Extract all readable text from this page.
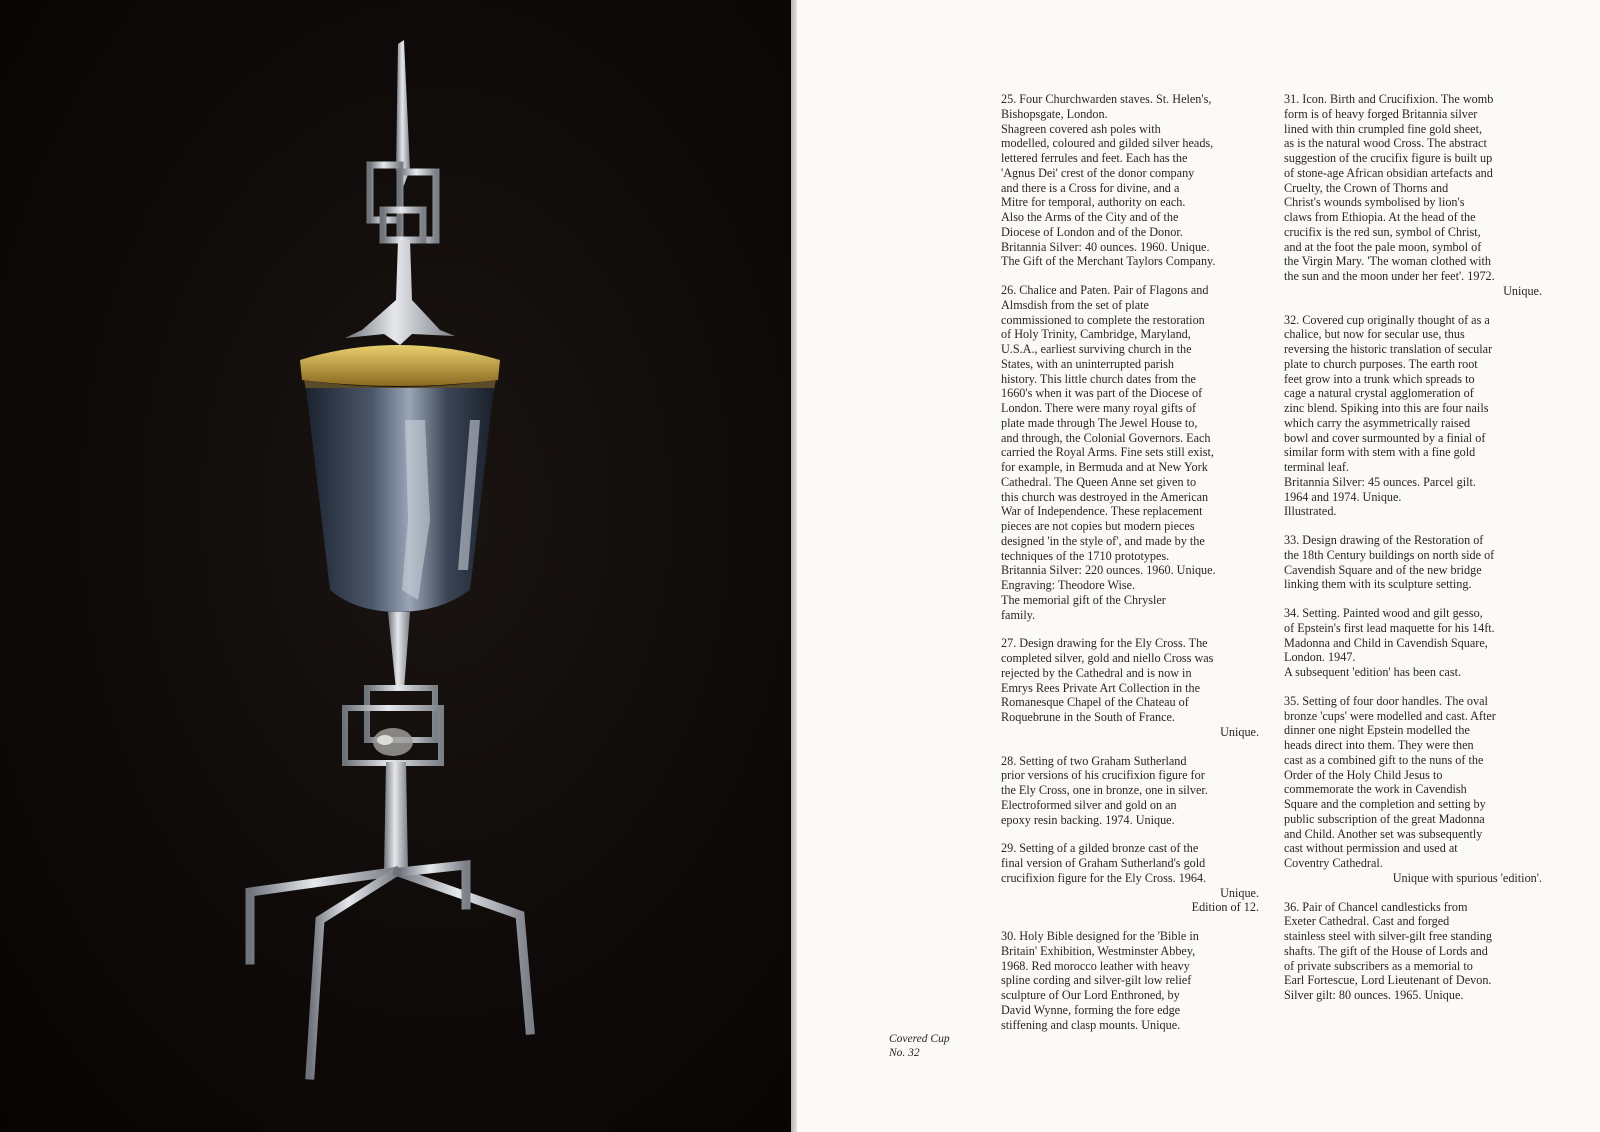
Covered Cup
No. 32

25. Four Churchwarden staves. St. Helen's,
Bishopsgate, London.
Shagreen covered ash poles with
modelled, coloured and gilded silver heads,
lettered ferrules and feet. Each has the
'Agnus Dei' crest of the donor company
and there is a Cross for divine, and a
Mitre for temporal, authority on each.
Also the Arms of the City and of the
Diocese of London and of the Donor.
Britannia Silver: 40 ounces. 1960. Unique.
The Gift of the Merchant Taylors Company.

26. Chalice and Paten. Pair of Flagons and
Almsdish from the set of plate
commissioned to complete the restoration
of Holy Trinity, Cambridge, Maryland,
U.S.A., earliest surviving church in the
States, with an uninterrupted parish
history. This little church dates from the
1660's when it was part of the Diocese of
London. There were many royal gifts of
plate made through The Jewel House to,
and through, the Colonial Governors. Each
carried the Royal Arms. Fine sets still exist,
for example, in Bermuda and at New York
Cathedral. The Queen Anne set given to
this church was destroyed in the American
War of Independence. These replacement
pieces are not copies but modern pieces
designed 'in the style of', and made by the
techniques of the 1710 prototypes.
Britannia Silver: 220 ounces. 1960. Unique.
Engraving: Theodore Wise.
The memorial gift of the Chrysler
family.

27. Design drawing for the Ely Cross. The
completed silver, gold and niello Cross was
rejected by the Cathedral and is now in
Emrys Rees Private Art Collection in the
Romanesque Chapel of the Chateau of
Roquebrune in the South of France.
Unique.

28. Setting of two Graham Sutherland
prior versions of his crucifixion figure for
the Ely Cross, one in bronze, one in silver.
Electroformed silver and gold on an
epoxy resin backing. 1974. Unique.

29. Setting of a gilded bronze cast of the
final version of Graham Sutherland's gold
crucifixion figure for the Ely Cross. 1964.
Unique.
Edition of 12.

30. Holy Bible designed for the 'Bible in
Britain' Exhibition, Westminster Abbey,
1968. Red morocco leather with heavy
spline cording and silver-gilt low relief
sculpture of Our Lord Enthroned, by
David Wynne, forming the fore edge
stiffening and clasp mounts. Unique.

31. Icon. Birth and Crucifixion. The womb
form is of heavy forged Britannia silver
lined with thin crumpled fine gold sheet,
as is the natural wood Cross. The abstract
suggestion of the crucifix figure is built up
of stone-age African obsidian artefacts and
Cruelty, the Crown of Thorns and
Christ's wounds symbolised by lion's
claws from Ethiopia. At the head of the
crucifix is the red sun, symbol of Christ,
and at the foot the pale moon, symbol of
the Virgin Mary. 'The woman clothed with
the sun and the moon under her feet'. 1972.
Unique.

32. Covered cup originally thought of as a
chalice, but now for secular use, thus
reversing the historic translation of secular
plate to church purposes. The earth root
feet grow into a trunk which spreads to
cage a natural crystal agglomeration of
zinc blend. Spiking into this are four nails
which carry the asymmetrically raised
bowl and cover surmounted by a finial of
similar form with stem with a fine gold
terminal leaf.
Britannia Silver: 45 ounces. Parcel gilt.
1964 and 1974. Unique.
Illustrated.

33. Design drawing of the Restoration of
the 18th Century buildings on north side of
Cavendish Square and of the new bridge
linking them with its sculpture setting.

34. Setting. Painted wood and gilt gesso,
of Epstein's first lead maquette for his 14ft.
Madonna and Child in Cavendish Square,
London. 1947.
A subsequent 'edition' has been cast.

35. Setting of four door handles. The oval
bronze 'cups' were modelled and cast. After
dinner one night Epstein modelled the
heads direct into them. They were then
cast as a combined gift to the nuns of the
Order of the Holy Child Jesus to
commemorate the work in Cavendish
Square and the completion and setting by
public subscription of the great Madonna
and Child. Another set was subsequently
cast without permission and used at
Coventry Cathedral.
Unique with spurious 'edition'.

36. Pair of Chancel candlesticks from
Exeter Cathedral. Cast and forged
stainless steel with silver-gilt free standing
shafts. The gift of the House of Lords and
of private subscribers as a memorial to
Earl Fortescue, Lord Lieutenant of Devon.
Silver gilt: 80 ounces. 1965. Unique.
